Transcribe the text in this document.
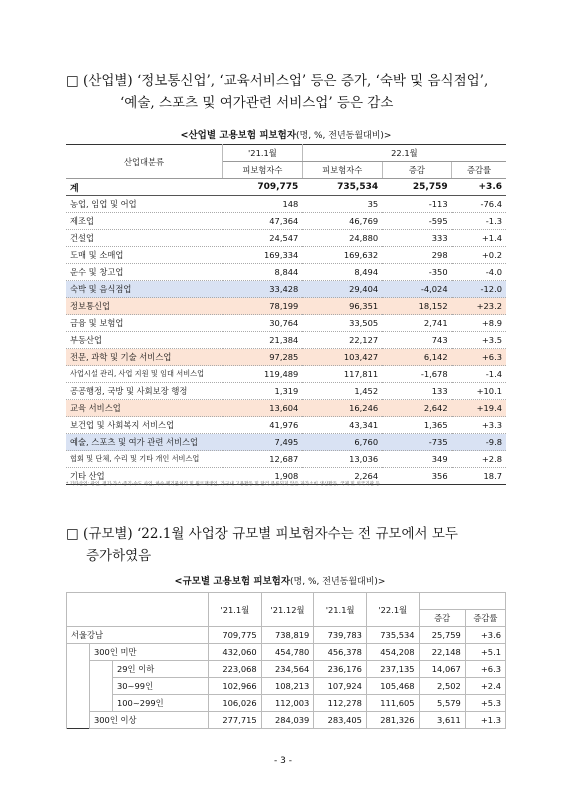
□ (산업별) ‘정보통신업’, ‘교육서비스업’ 등은 증가, ‘숙박 및 음식점업’,
‘예술, 스포츠 및 여가관련 서비스업’ 등은 감소
<산업별 고용보험 피보험자(명, %, 전년동월대비)>
산업대분류	'21.1월	22.1월		
	피보험자수	피보험자수	증감	증감률
계	709,775	735,534	25,759	+3.6
농업, 임업 및 어업	148	35	-113	-76.4
제조업	47,364	46,769	-595	-1.3
건설업	24,547	24,880	333	+1.4
도매 및 소매업	169,334	169,632	298	+0.2
운수 및 창고업	8,844	8,494	-350	-4.0
숙박 및 음식점업	33,428	29,404	-4,024	-12.0
정보통신업	78,199	96,351	18,152	+23.2
금융 및 보험업	30,764	33,505	2,741	+8.9
부동산업	21,384	22,127	743	+3.5
전문, 과학 및 기술 서비스업	97,285	103,427	6,142	+6.3
사업시설 관리, 사업 지원 및 임대 서비스업	119,489	117,811	-1,678	-1.4
공공행정, 국방 및 사회보장 행정	1,319	1,452	133	+10.1
교육 서비스업	13,604	16,246	2,642	+19.4
보건업 및 사회복지 서비스업	41,976	43,341	1,365	+3.3
예술, 스포츠 및 여가 관련 서비스업	7,495	6,760	-735	-9.8
협회 및 단체, 수리 및 기타 개인 서비스업	12,687	13,036	349	+2.8
기타 산업	1,908	2,264	356	18.7
* 기타산업: 광업, 전기·가스·증기·수도 사업, 하수·폐기물처리 및 원료재생업, 가구내 고용활동 및 달리 분류되지 않은 자가소비 생산활동, 국제 및 외국기관 등
□ (규모별) ‘22.1월 사업장 규모별 피보험자수는 전 규모에서 모두
증가하였음
<규모별 고용보험 피보험자(명, %, 전년동월대비)>
			'21.1월	'21.12월	'21.1월	'22.1월		
							증감	증감률
서울강남			709,775	738,819	739,783	735,534	25,759	+3.6
	300인 미만		432,060	454,780	456,378	454,208	22,148	+5.1
		29인 이하	223,068	234,564	236,176	237,135	14,067	+6.3
		30~99인	102,966	108,213	107,924	105,468	2,502	+2.4
		100~299인	106,026	112,003	112,278	111,605	5,579	+5.3
	300인 이상		277,715	284,039	283,405	281,326	3,611	+1.3
- 3 -
